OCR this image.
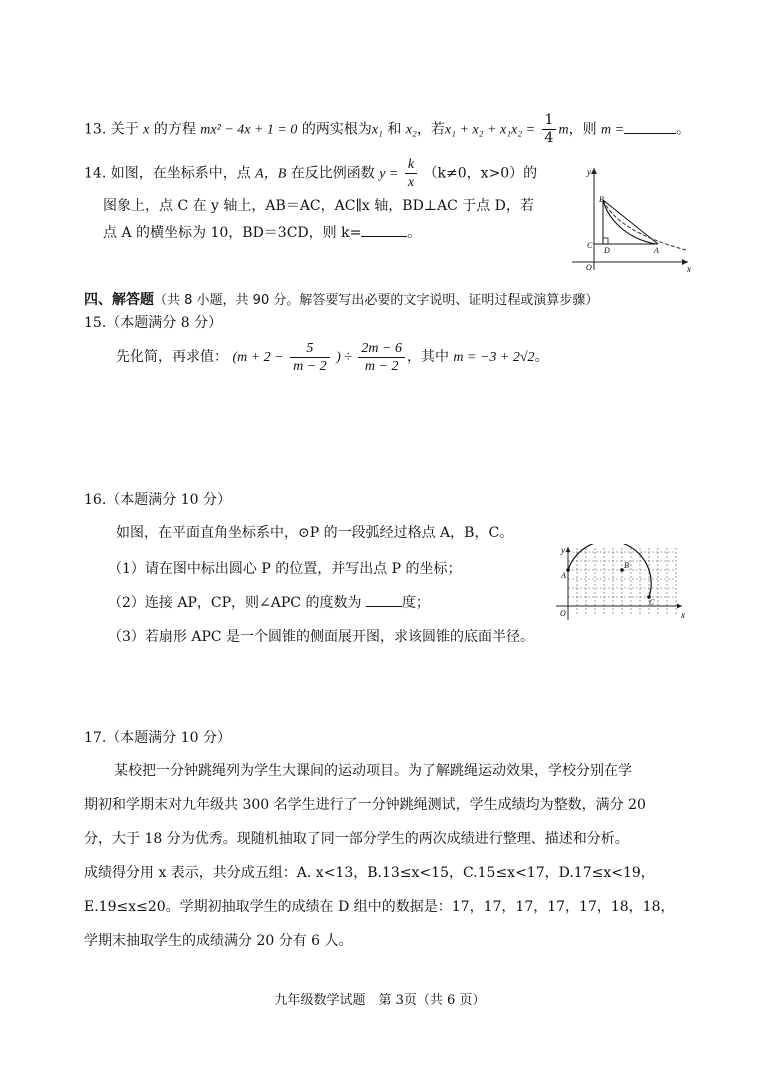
13. 关于 x 的方程 mx² − 4x + 1 = 0 的两实根为x₁ 和 x₂，若$x_1 + x_2 + x_1x_2 = \frac{1}{4}$ m，则 m =	。
14. 如图，在坐标系中，点 A，B 在反比例函数 $y = \frac{k}{x} (k\ne 0$，x>0）的
图象上，点 C 在 y 轴上，AB＝AC，AC∥x 轴，BD⊥AC 于点 D，若
点 A 的横坐标为 10，BD＝3CD，则 k=	。
y
x
O
B
C
D	A
四、解答题（共 8 小题，共 90 分。解答要写出必要的文字说明、证明过程或演算步骤）
15.（本题满分 8 分）
先化简，再求值： ($m + 2 - \frac{5}{m - 2}$ ) ÷ $\frac{2m - 6}{m - 2}$ ，其中 m = −3 + 2√2。
16.（本题满分 10 分）
如图，在平面直角坐标系中，⊙P 的一段弧经过格点 A，B，C。
（1）请在图中标出圆心 P 的位置，并写出点 P 的坐标；
（2）连接 AP，CP，则∠APC 的度数为	度；
（3）若扇形 APC 是一个圆锥的侧面展开图，求该圆锥的底面半径。
y
x
O
A
B
C
17.（本题满分 10 分）
某校把一分钟跳绳列为学生大课间的运动项目。为了解跳绳运动效果，学校分别在学
期初和学期末对九年级共 300 名学生进行了一分钟跳绳测试，学生成绩均为整数，满分 20
分，大于 18 分为优秀。现随机抽取了同一部分学生的两次成绩进行整理、描述和分析。
成绩得分用 x 表示，共分成五组：A. x<13，B.13≤x<15，C.15≤x<17，D.17≤x<19，
E.19≤x≤20。学期初抽取学生的成绩在 D 组中的数据是：17，17，17，17，17，18，18，
学期末抽取学生的成绩满分 20 分有 6 人。
九年级数学试题　第 3页（共 6 页）
